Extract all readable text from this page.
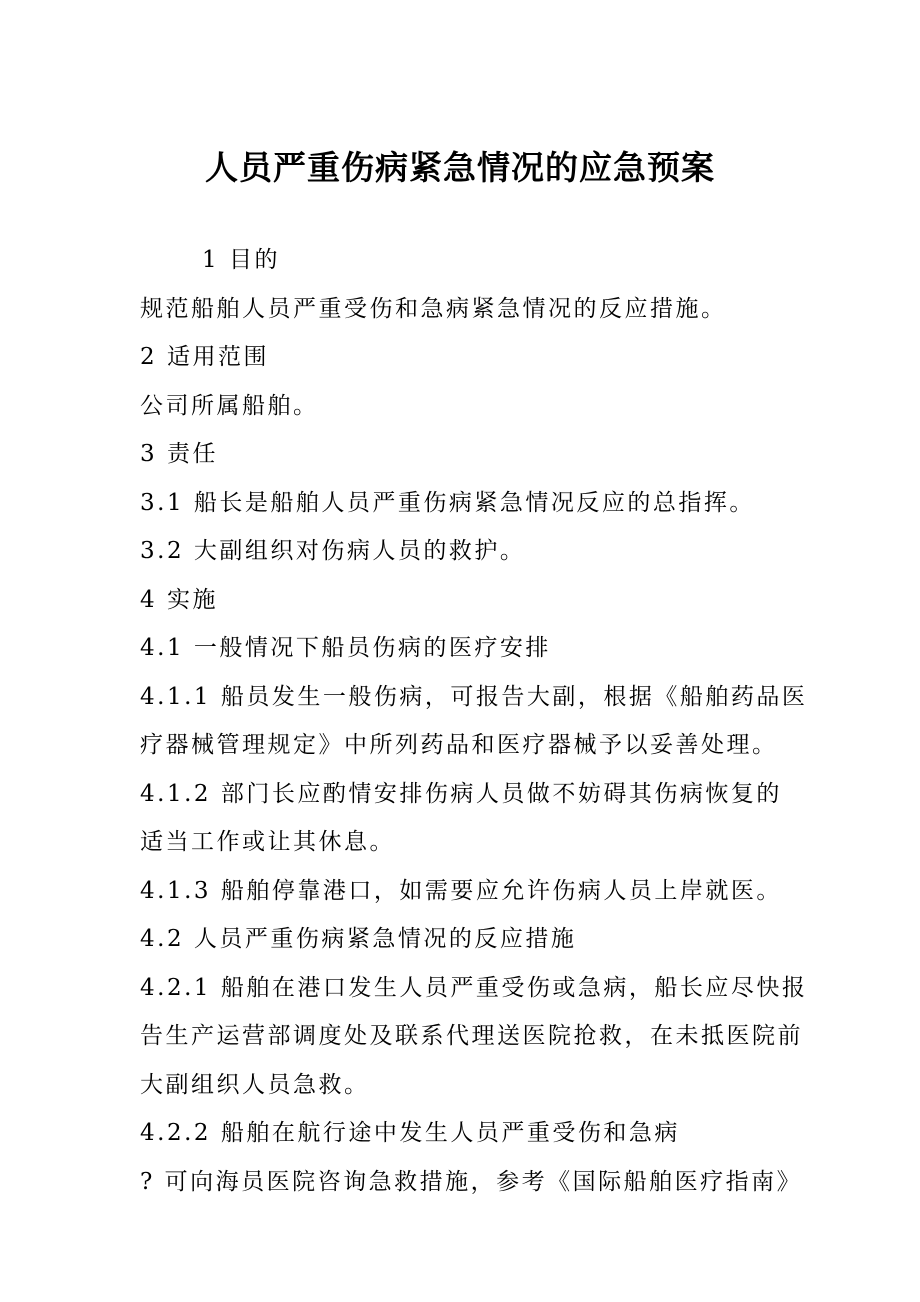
人员严重伤病紧急情况的应急预案

1 目的

规范船舶人员严重受伤和急病紧急情况的反应措施。

2 适用范围

公司所属船舶。

3 责任

3.1 船长是船舶人员严重伤病紧急情况反应的总指挥。

3.2 大副组织对伤病人员的救护。

4 实施

4.1 一般情况下船员伤病的医疗安排

4.1.1 船员发生一般伤病，可报告大副，根据《船舶药品医

疗器械管理规定》中所列药品和医疗器械予以妥善处理。

4.1.2 部门长应酌情安排伤病人员做不妨碍其伤病恢复的

适当工作或让其休息。

4.1.3 船舶停靠港口，如需要应允许伤病人员上岸就医。

4.2 人员严重伤病紧急情况的反应措施

4.2.1 船舶在港口发生人员严重受伤或急病，船长应尽快报

告生产运营部调度处及联系代理送医院抢救，在未抵医院前

大副组织人员急救。

4.2.2 船舶在航行途中发生人员严重受伤和急病

? 可向海员医院咨询急救措施，参考《国际船舶医疗指南》
